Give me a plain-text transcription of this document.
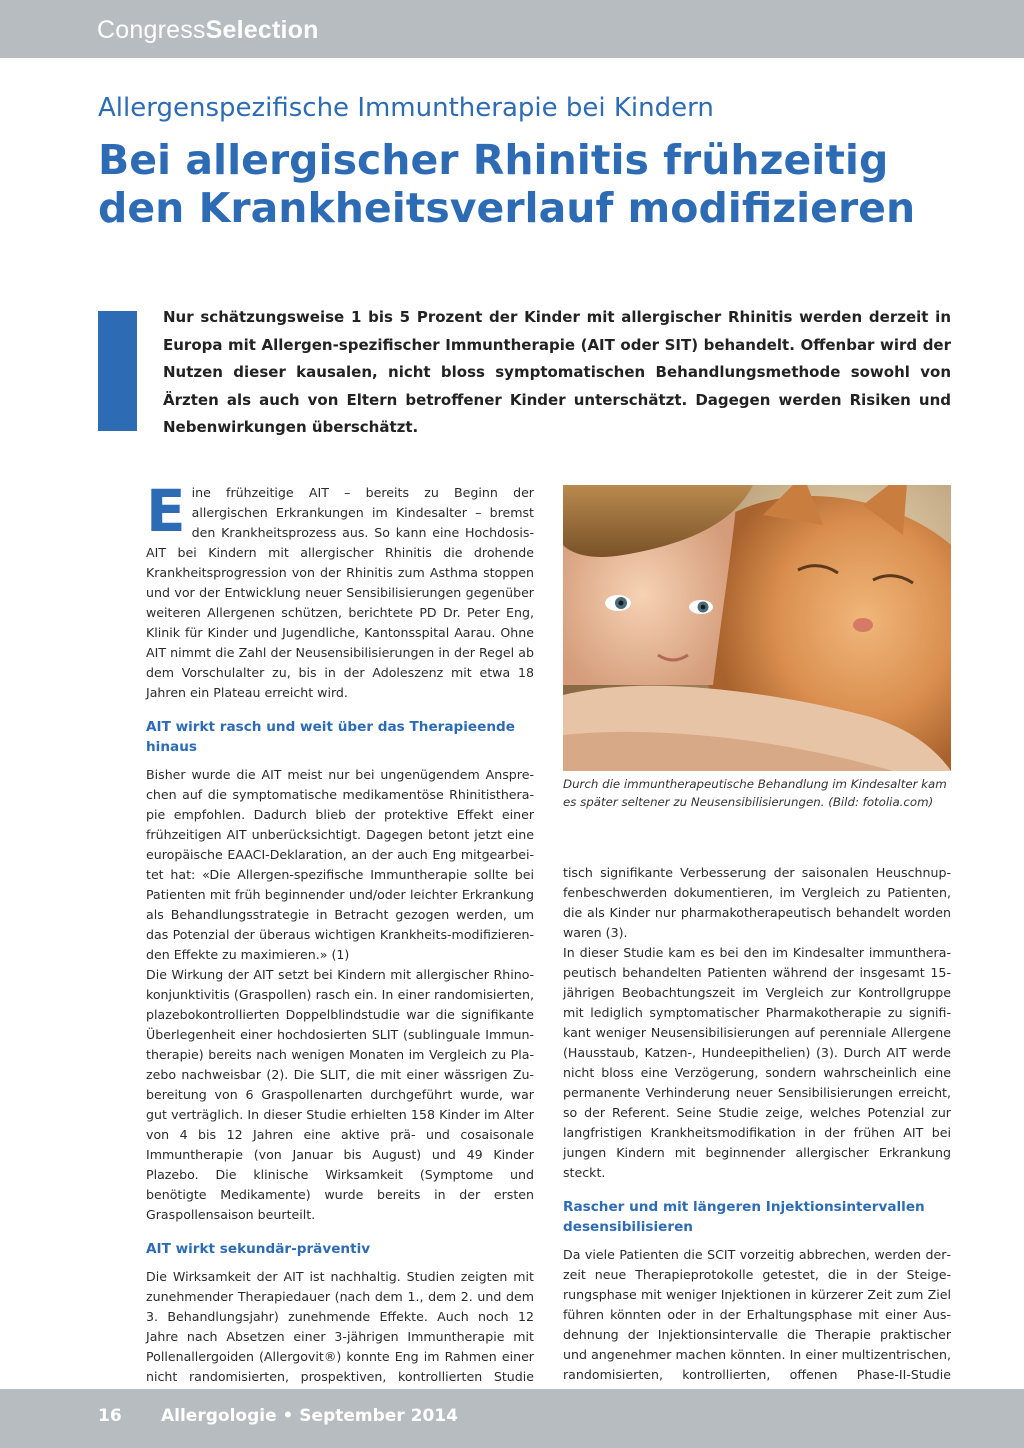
CongressSelection
Allergenspezifische Immuntherapie bei Kindern
Bei allergischer Rhinitis frühzeitig den Krankheitsverlauf modifizieren

Nur schätzungsweise 1 bis 5 Prozent der Kinder mit allergischer Rhinitis werden derzeit in Europa mit Allergen-spezifischer Immuntherapie (AIT oder SIT) behandelt. Offenbar wird der Nutzen dieser kausalen, nicht bloss symptomatischen Behandlungsmethode sowohl von Ärzten als auch von Eltern betroffener Kinder unterschätzt. Dagegen werden Risiken und Nebenwirkungen überschätzt.

Eine frühzeitige AIT – bereits zu Beginn der allergischen Erkrankungen im Kindesalter – bremst den Krankheitsprozess aus. So kann eine Hochdosis-AIT bei Kindern mit allergischer Rhinitis die drohende Krankheitsprogression von der Rhinitis zum Asthma stoppen und vor der Entwicklung neuer Sensibilisierungen gegenüber weiteren Allergenen schützen, berichtete PD Dr. Peter Eng, Klinik für Kinder und Jugendliche, Kantonsspital Aarau. Ohne AIT nimmt die Zahl der Neusensibilisierungen in der Regel ab dem Vorschulalter zu, bis in der Adoleszenz mit etwa 18 Jahren ein Plateau erreicht wird.

AIT wirkt rasch und weit über das Therapieende hinaus

Bisher wurde die AIT meist nur bei ungenügendem Ansprechen auf die symptomatische medikamentöse Rhinitistherapie empfohlen. Dadurch blieb der protektive Effekt einer frühzeitigen AIT unberücksichtigt. Dagegen betont jetzt eine europäische EAACI-Deklaration, an der auch Eng mitgearbeitet hat: «Die Allergen-spezifische Immuntherapie sollte bei Patienten mit früh beginnender und/oder leichter Erkrankung als Behandlungsstrategie in Betracht gezogen werden, um das Potenzial der überaus wichtigen Krankheits-modifizierenden Effekte zu maximieren.» (1)

Die Wirkung der AIT setzt bei Kindern mit allergischer Rhinokonjunktivitis (Graspollen) rasch ein. In einer randomisierten, plazebokontrollierten Doppelblindstudie war die signifikante Überlegenheit einer hochdosierten SLIT (sublinguale Immuntherapie) bereits nach wenigen Monaten im Vergleich zu Plazebo nachweisbar (2). Die SLIT, die mit einer wässrigen Zubereitung von 6 Graspollenarten durchgeführt wurde, war gut verträglich. In dieser Studie erhielten 158 Kinder im Alter von 4 bis 12 Jahren eine aktive prä- und cosaisonale Immuntherapie (von Januar bis August) und 49 Kinder Plazebo. Die klinische Wirksamkeit (Symptome und benötigte Medikamente) wurde bereits in der ersten Graspollensaison beurteilt.

AIT wirkt sekundär-präventiv

Die Wirksamkeit der AIT ist nachhaltig. Studien zeigten mit zunehmender Therapiedauer (nach dem 1., dem 2. und dem 3. Behandlungsjahr) zunehmende Effekte. Auch noch 12 Jahre nach Absetzen einer 3-jährigen Immuntherapie mit Pollenallergoiden (Allergovit®) konnte Eng im Rahmen einer nicht randomisierten, prospektiven, kontrollierten Studie

Durch die immuntherapeutische Behandlung im Kindesalter kam es später seltener zu Neusensibilisierungen. (Bild: fotolia.com)

tisch signifikante Verbesserung der saisonalen Heuschnupfenbeschwerden dokumentieren, im Vergleich zu Patienten, die als Kinder nur pharmakotherapeutisch behandelt worden waren (3).

In dieser Studie kam es bei den im Kindesalter immuntherapeutisch behandelten Patienten während der insgesamt 15-jährigen Beobachtungszeit im Vergleich zur Kontrollgruppe mit lediglich symptomatischer Pharmakotherapie zu signifikant weniger Neusensibilisierungen auf perenniale Allergene (Hausstaub, Katzen-, Hundeepithelien) (3). Durch AIT werde nicht bloss eine Verzögerung, sondern wahrscheinlich eine permanente Verhinderung neuer Sensibilisierungen erreicht, so der Referent. Seine Studie zeige, welches Potenzial zur langfristigen Krankheitsmodifikation in der frühen AIT bei jungen Kindern mit beginnender allergischer Erkrankung steckt.

Rascher und mit längeren Injektionsintervallen desensibilisieren

Da viele Patienten die SCIT vorzeitig abbrechen, werden derzeit neue Therapieprotokolle getestet, die in der Steigerungsphase mit weniger Injektionen in kürzerer Zeit zum Ziel führen könnten oder in der Erhaltungsphase mit einer Ausdehnung der Injektionsintervalle die Therapie praktischer und angenehmer machen könnten. In einer multizentrischen, randomisierten, kontrollierten, offenen Phase-II-Studie

16 Allergologie • September 2014
